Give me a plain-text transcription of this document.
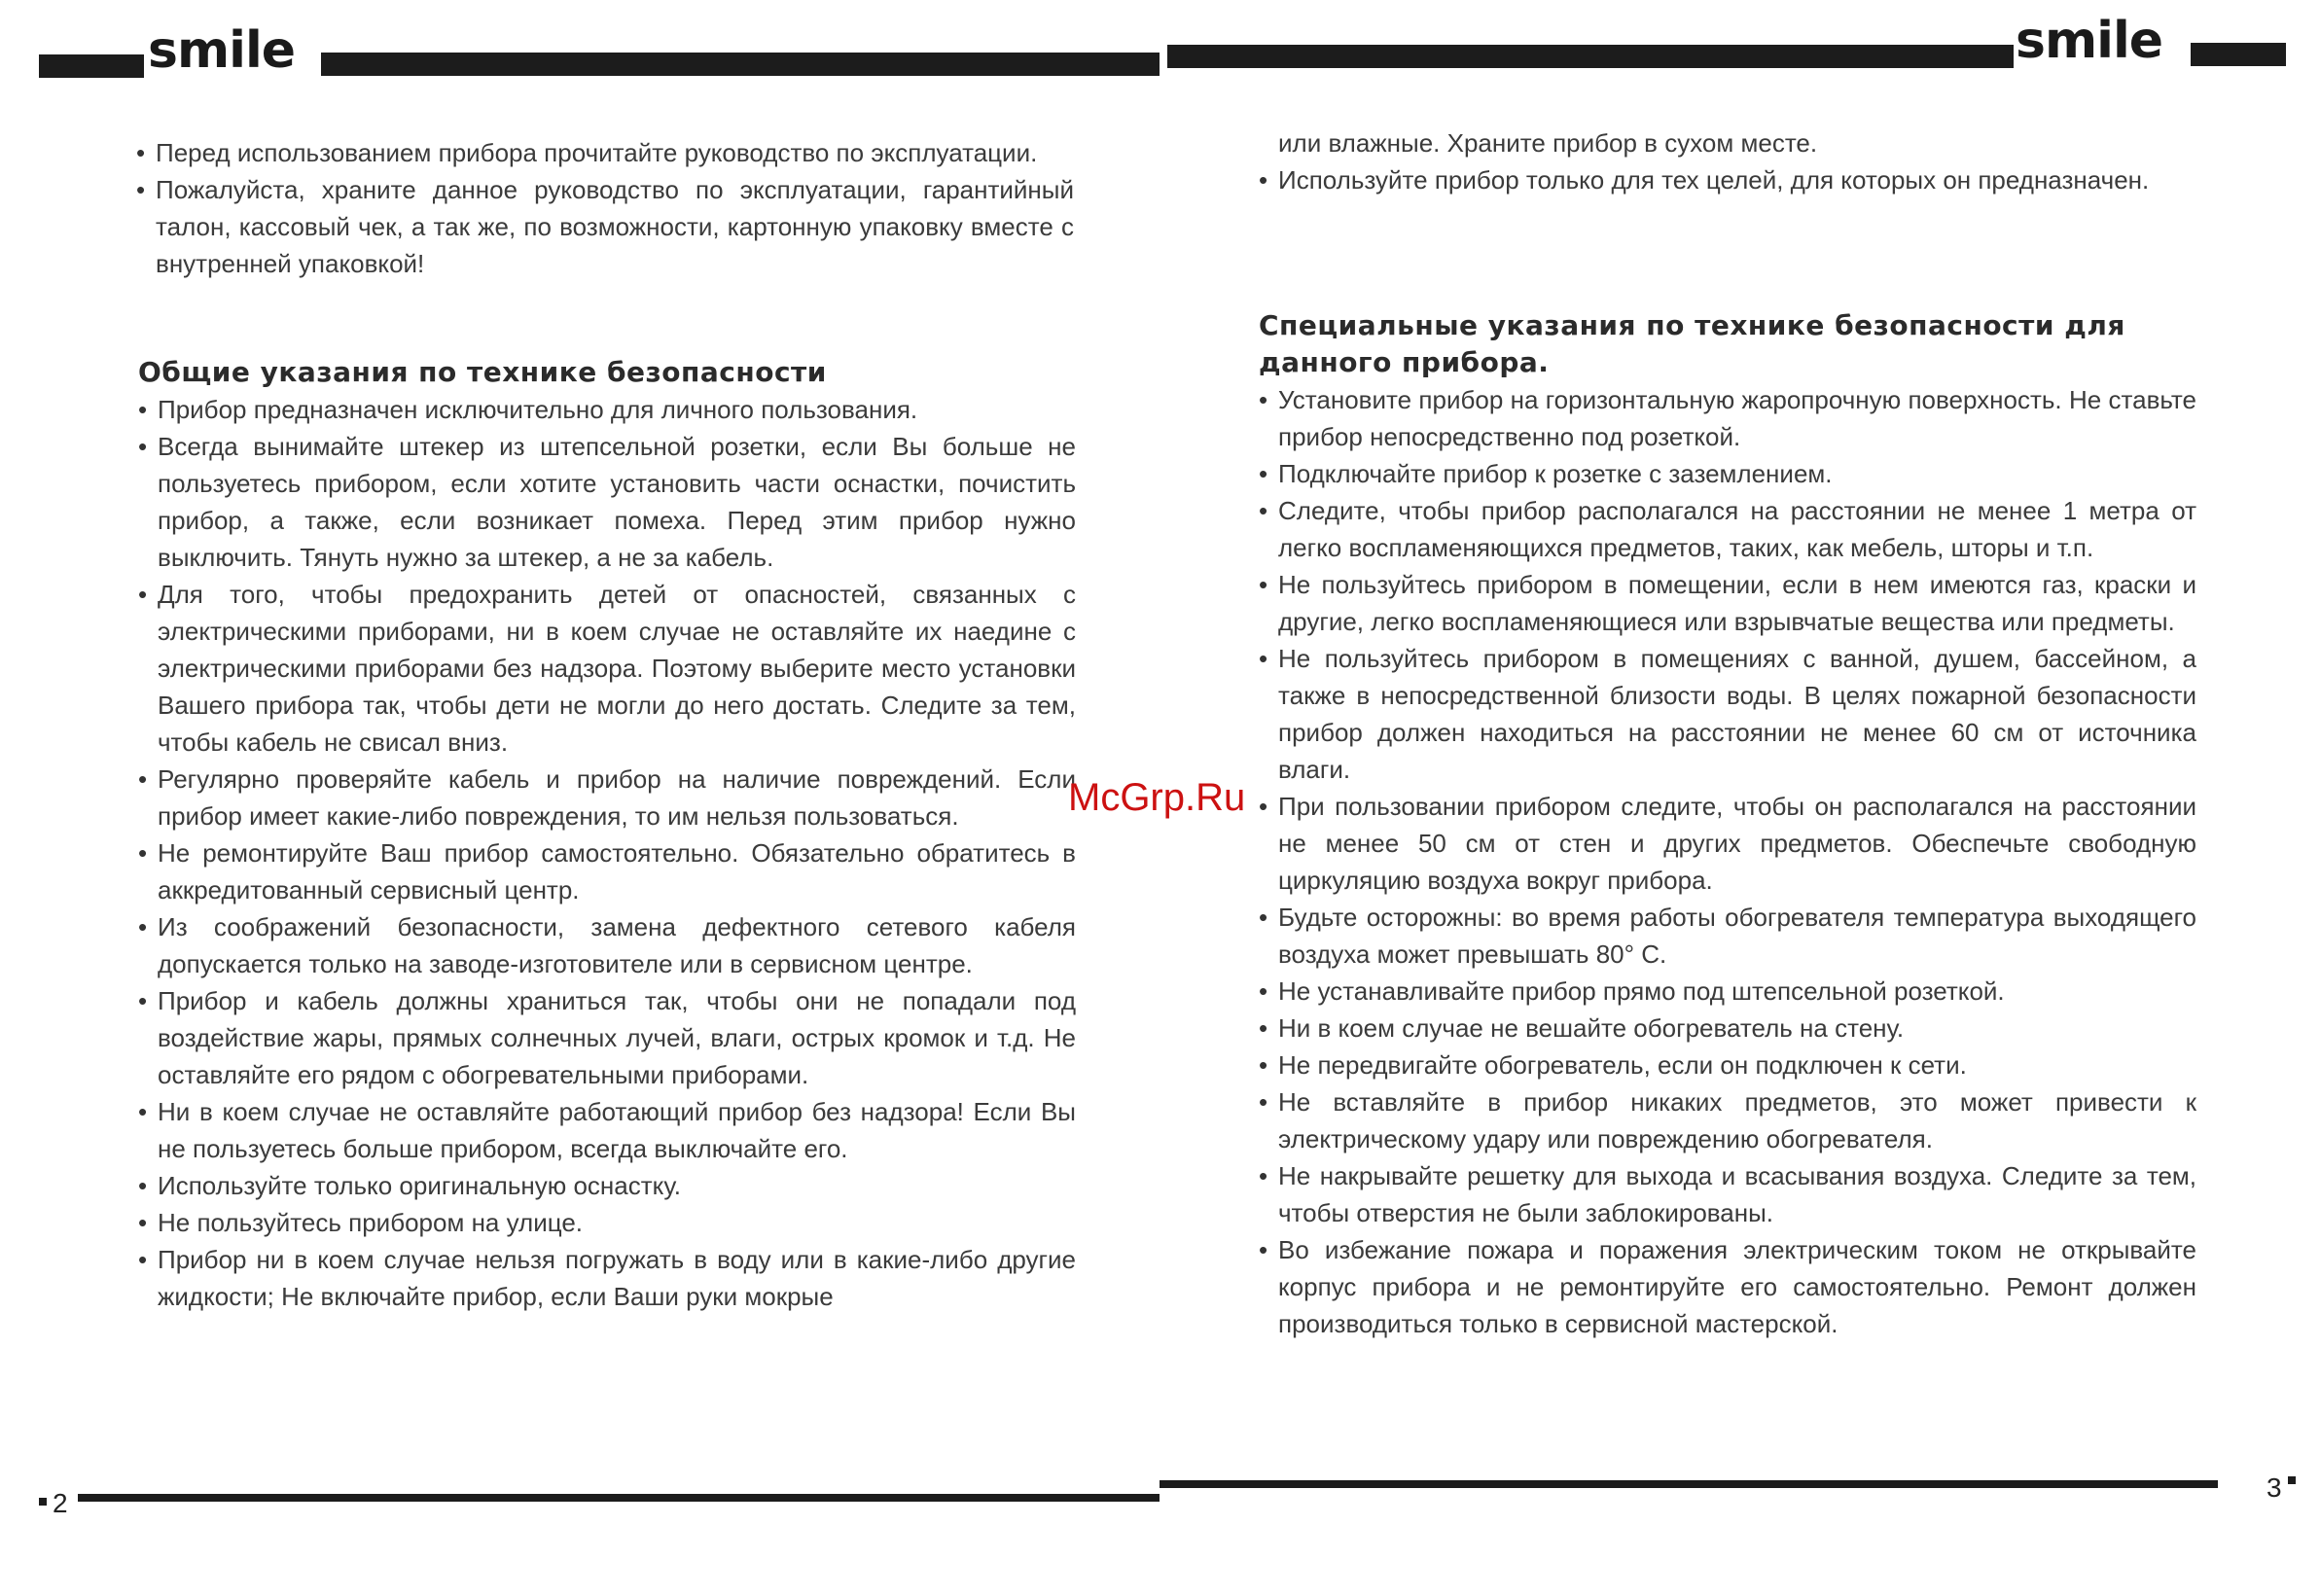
smile
• Перед использованием прибора прочитайте руководство по эксплуатации.
• Пожалуйста, храните данное руководство по эксплуатации, гарантийный талон, кассовый чек, а так же, по возможности, картонную упаковку вместе с внутренней упаковкой!
Общие указания по технике безопасности
• Прибор предназначен исключительно для личного пользования.
• Всегда вынимайте штекер из штепсельной розетки, если Вы больше не пользуетесь прибором, если хотите установить части оснастки, почистить прибор, а также, если возникает помеха. Перед этим прибор нужно выключить. Тянуть нужно за штекер, а не за кабель.
• Для того, чтобы предохранить детей от опасностей, связанных с электрическими приборами, ни в коем случае не оставляйте их наедине с электрическими приборами без надзора. Поэтому выберите место установки Вашего прибора так, чтобы дети не могли до него достать. Следите за тем, чтобы кабель не свисал вниз.
• Регулярно проверяйте кабель и прибор на наличие повреждений. Если прибор имеет какие-либо повреждения, то им нельзя пользоваться.
• Не ремонтируйте Ваш прибор самостоятельно. Обязательно обратитесь в аккредитованный сервисный центр.
• Из соображений безопасности, замена дефектного сетевого кабеля допускается только на заводе-изготовителе или в сервисном центре.
• Прибор и кабель должны храниться так, чтобы они не попадали под воздействие жары, прямых солнечных лучей, влаги, острых кромок и т.д. Не оставляйте его рядом с обогревательными приборами.
• Ни в коем случае не оставляйте работающий прибор без надзора! Если Вы не пользуетесь больше прибором, всегда выключайте его.
• Используйте только оригинальную оснастку.
• Не пользуйтесь прибором на улице.
• Прибор ни в коем случае нельзя погружать в воду или в какие-либо другие жидкости; Не включайте прибор, если Ваши руки мокрые
2
smile
или влажные. Храните прибор в сухом месте.
• Используйте прибор только для тех целей, для которых он предназначен.
Специальные указания по технике безопасности для данного прибора.
• Установите прибор на горизонтальную жаропрочную поверхность. Не ставьте прибор непосредственно под розеткой.
• Подключайте прибор к розетке с заземлением.
• Следите, чтобы прибор располагался на расстоянии не менее 1 метра от легко воспламеняющихся предметов, таких, как мебель, шторы и т.п.
• Не пользуйтесь прибором в помещении, если в нем имеются газ, краски и другие, легко воспламеняющиеся или взрывчатые вещества или предметы.
• Не пользуйтесь прибором в помещениях с ванной, душем, бассейном, а также в непосредственной близости воды. В целях пожарной безопасности прибор должен находиться на расстоянии не менее 60 см от источника влаги.
• При пользовании прибором следите, чтобы он располагался на расстоянии не менее 50 см от стен и других предметов. Обеспечьте свободную циркуляцию воздуха вокруг прибора.
• Будьте осторожны: во время работы обогревателя температура выходящего воздуха может превышать 80° С.
• Не устанавливайте прибор прямо под штепсельной розеткой.
• Ни в коем случае не вешайте обогреватель на стену.
• Не передвигайте обогреватель, если он подключен к сети.
• Не вставляйте в прибор никаких предметов, это может привести к электрическому удару или повреждению обогревателя.
• Не накрывайте решетку для выхода и всасывания воздуха. Следите за тем, чтобы отверстия не были заблокированы.
• Во избежание пожара и поражения электрическим током не открывайте корпус прибора и не ремонтируйте его самостоятельно. Ремонт должен производиться только в сервисной мастерской.
3
McGrp.Ru
